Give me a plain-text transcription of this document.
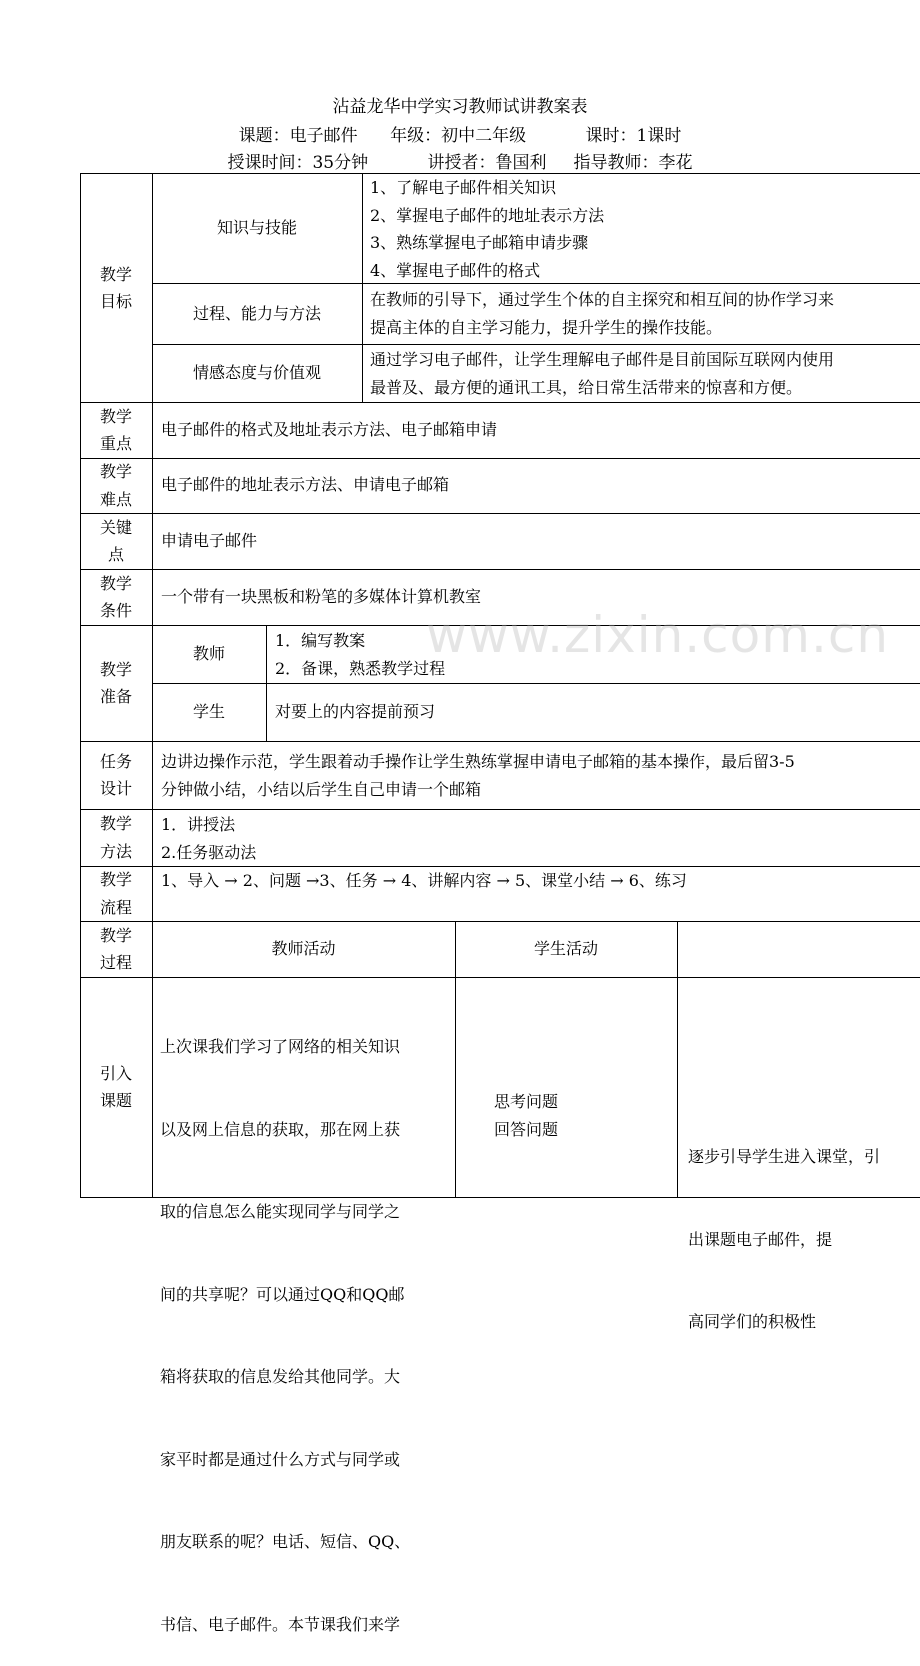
沾益龙华中学实习教师试讲教案表
课题：电子邮件      年级：初中二年级           课时：1课时
授课时间：35分钟           讲授者：鲁国利     指导教师：李花
教学
目标
知识与技能
1、了解电子邮件相关知识
2、掌握电子邮件的地址表示方法
3、熟练掌握电子邮箱申请步骤
4、掌握电子邮件的格式
过程、能力与方法
在教师的引导下，通过学生个体的自主探究和相互间的协作学习来
提高主体的自主学习能力，提升学生的操作技能。
情感态度与价值观
通过学习电子邮件，让学生理解电子邮件是目前国际互联网内使用
最普及、最方便的通讯工具，给日常生活带来的惊喜和方便。
教学
重点
电子邮件的格式及地址表示方法、电子邮箱申请
教学
难点
电子邮件的地址表示方法、申请电子邮箱
关键
点
申请电子邮件
教学
条件
一个带有一块黑板和粉笔的多媒体计算机教室
教学
准备
教师
1．编写教案
2．备课，熟悉教学过程
学生	对要上的内容提前预习
任务
设计
边讲边操作示范，学生跟着动手操作让学生熟练掌握申请电子邮箱的基本操作，最后留3-5
分钟做小结，小结以后学生自己申请一个邮箱
教学
方法
1．讲授法
2.任务驱动法
教学
流程
1、导入 → 2、问题 →3、任务 → 4、讲解内容 → 5、课堂小结 → 6、练习
教学
过程
教师活动	学生活动
引入
课题

上次课我们学习了网络的相关知识

以及网上信息的获取，那在网上获

取的信息怎么能实现同学与同学之

间的共享呢？可以通过QQ和QQ邮

箱将获取的信息发给其他同学。大

家平时都是通过什么方式与同学或

朋友联系的呢？电话、短信、QQ、

书信、电子邮件。本节课我们来学

思考问题
回答问题

逐步引导学生进入课堂，引

出课题电子邮件，提

高同学们的积极性

www.zixin.com.cn
